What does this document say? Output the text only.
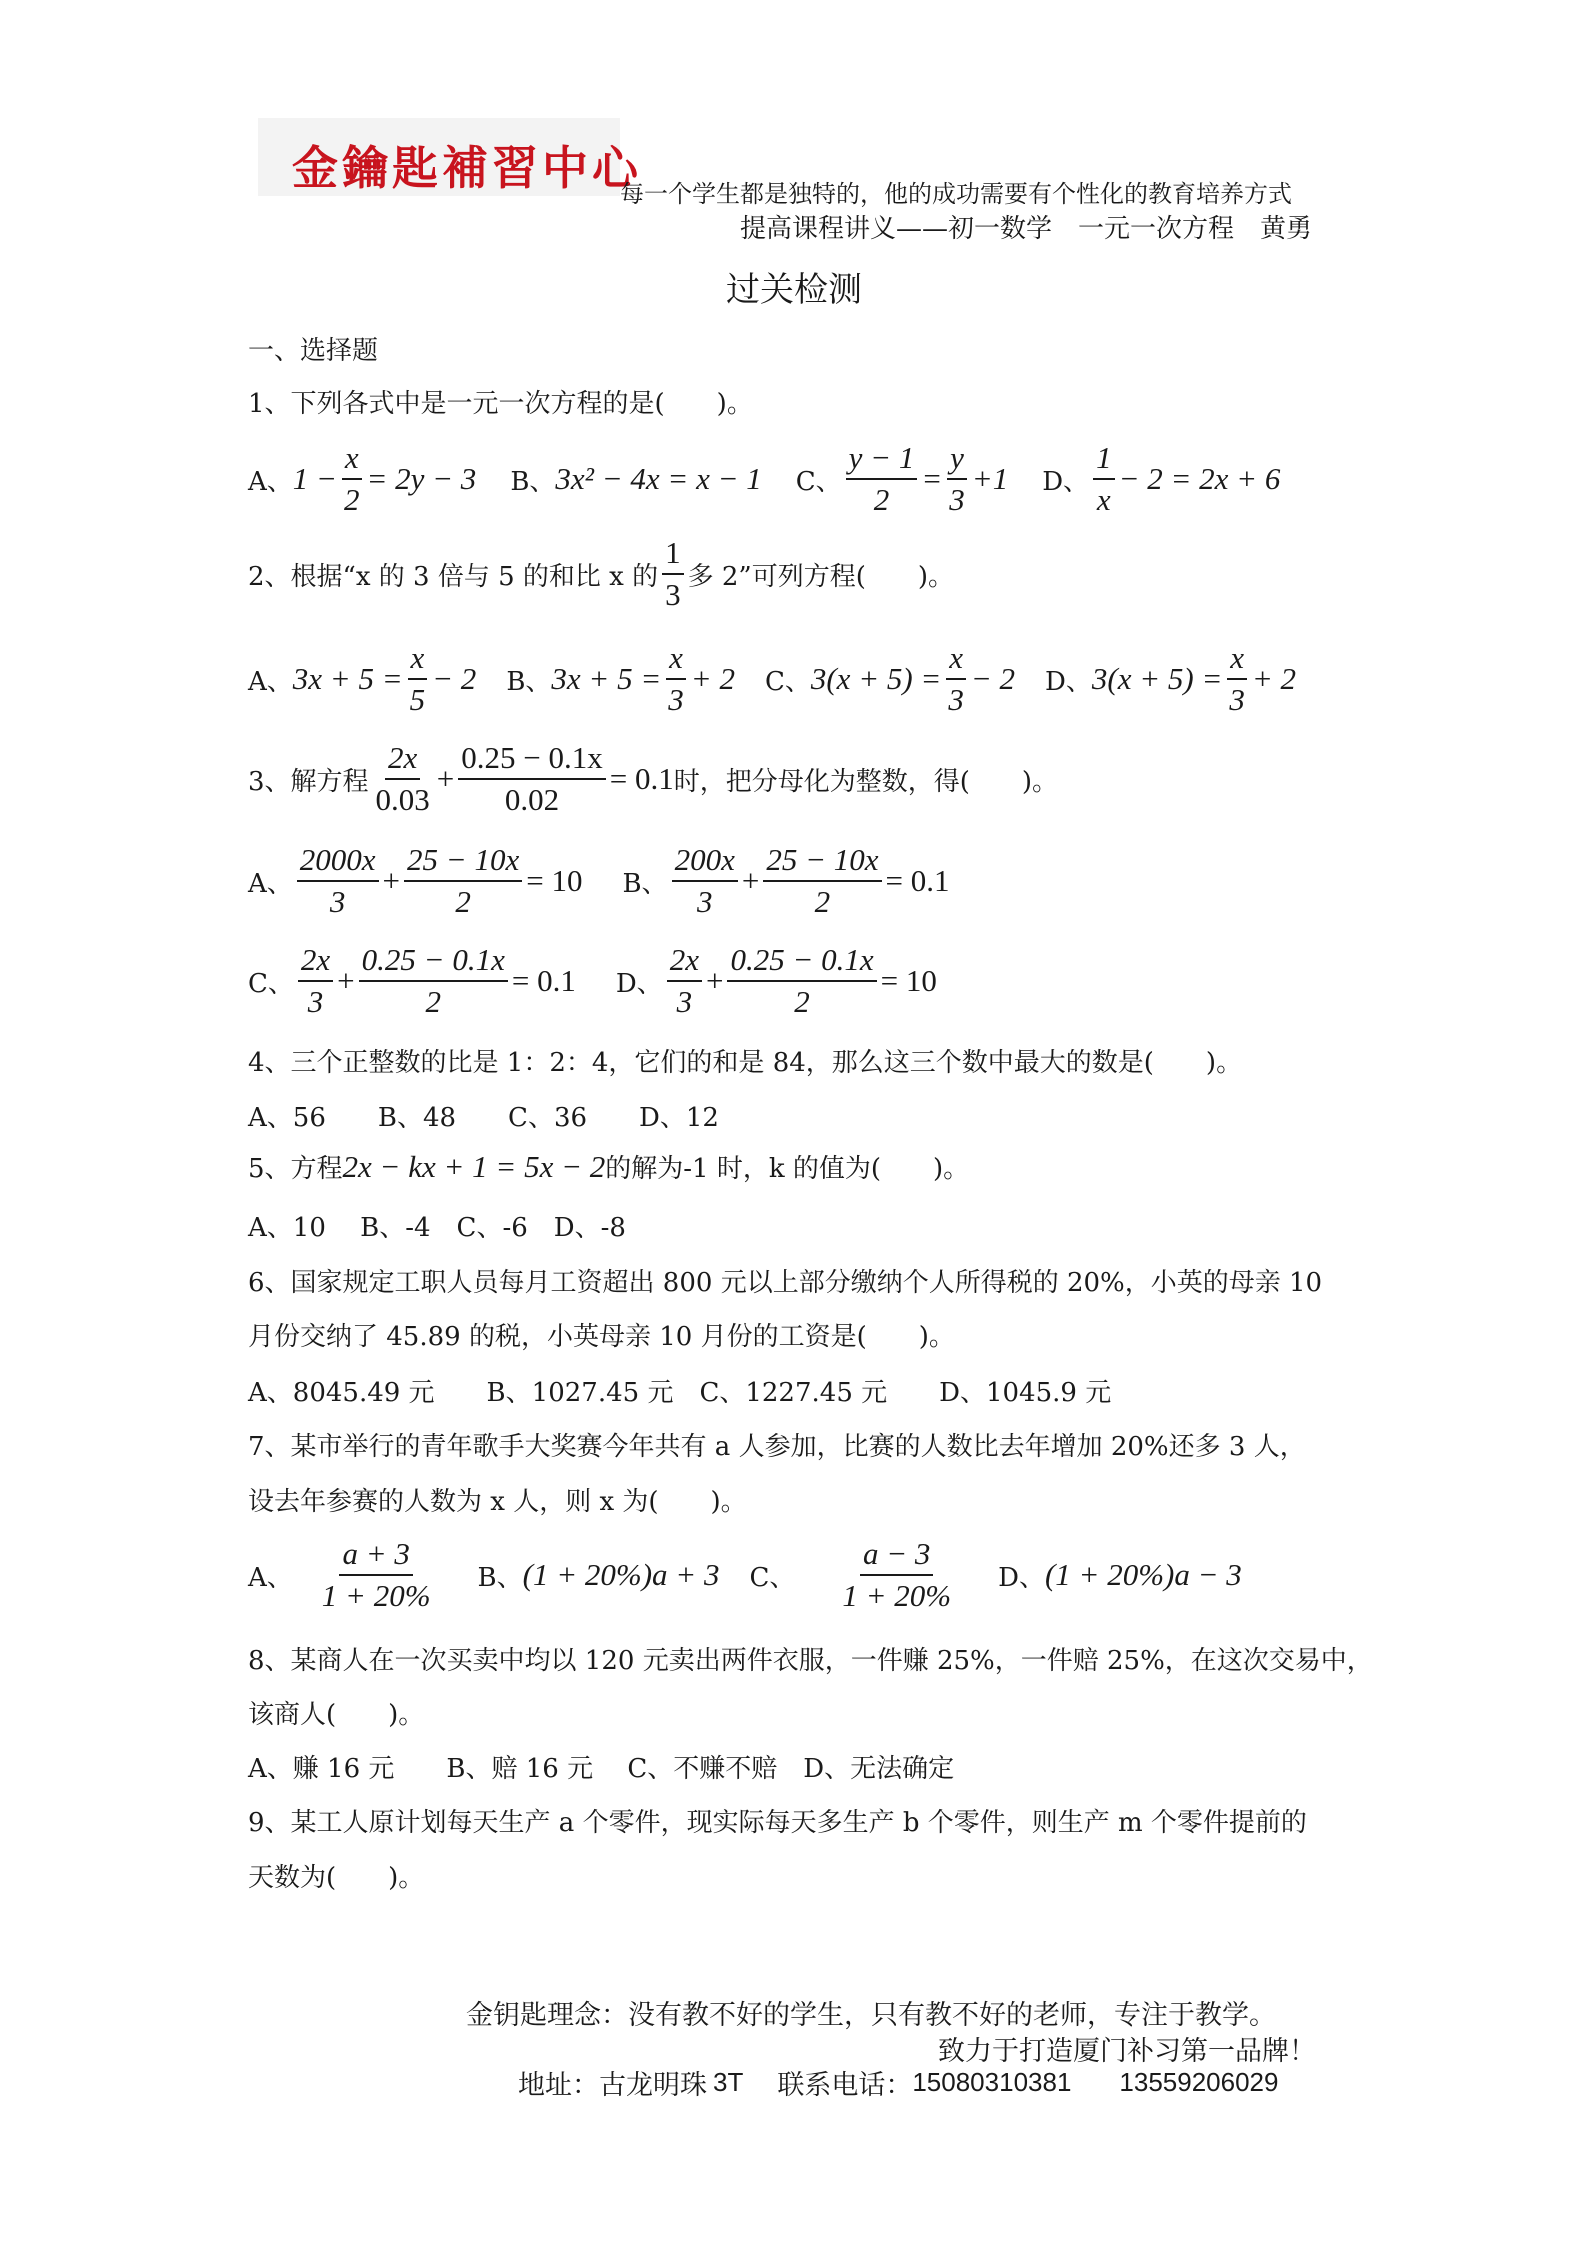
金鑰匙補習中心
每一个学生都是独特的，他的成功需要有个性化的教育培养方式
提高课程讲义——初一数学　一元一次方程　黄勇
过关检测
一、选择题
1、下列各式中是一元一次方程的是(　　)。
A、 $1 - \frac{x}{2} = 2y - 3$ B、 3x² − 4x = x − 1 C、 $\frac{y - 1}{2} = \frac{y}{3} +1$ D、 $\frac{1}{x} - 2 = 2x + 6$
2、根据“x 的 3 倍与 5 的和比 x 的 $\frac{1}{3}$ 多 2”可列方程(　　)。
A、 $3x + 5 = \frac{x}{5} - 2$ B、 $3x + 5 = \frac{x}{3} + 2$ C、 $3(x + 5) = \frac{x}{3} - 2$ D、 $3(x + 5) = \frac{x}{3} + 2$
3、解方程 $\frac{2x}{0.03} + \frac{0.25 - 0.1x}{0.02} = 0.1$ 时，把分母化为整数，得(　　)。
A、 $\frac{2000x}{3} + \frac{25 - 10x}{2} = 10$ B、 $\frac{200x}{3} + \frac{25 - 10x}{2} = 0.1$
C、 $\frac{2x}{3} + \frac{0.25 - 0.1x}{2} = 0.1$ D、 $\frac{2x}{3} + \frac{0.25 - 0.1x}{2} = 10$
4、三个正整数的比是 1：2：4，它们的和是 84，那么这三个数中最大的数是(　　)。
A、56　　B、48　　C、36　　D、12
5、方程 2x − kx + 1 = 5x − 2 的解为-1 时，k 的值为(　　)。
A、10　 B、-4　C、-6　D、-8
6、国家规定工职人员每月工资超出 800 元以上部分缴纳个人所得税的 20%，小英的母亲 10
月份交纳了 45.89 的税，小英母亲 10 月份的工资是(　　)。
A、8045.49 元　　B、1027.45 元　C、1227.45 元　　D、1045.9 元
7、某市举行的青年歌手大奖赛今年共有 a 人参加，比赛的人数比去年增加 20%还多 3 人，
设去年参赛的人数为 x 人，则 x 为(　　)。
A、 $\frac{a + 3}{1 + 20\%}$ B、 (1 + 20%)a + 3 C、 $\frac{a - 3}{1 + 20\%}$ D、 (1 + 20%)a − 3
8、某商人在一次买卖中均以 120 元卖出两件衣服，一件赚 25%，一件赔 25%，在这次交易中，
该商人(　　)。
A、赚 16 元　　B、赔 16 元　 C、不赚不赔　D、无法确定
9、某工人原计划每天生产 a 个零件，现实际每天多生产 b 个零件，则生产 m 个零件提前的
天数为(　　)。
金钥匙理念：没有教不好的学生，只有教不好的老师，专注于教学。
致力于打造厦门补习第一品牌！
地址：古龙明珠 3T 联系电话： 15080310381 13559206029
